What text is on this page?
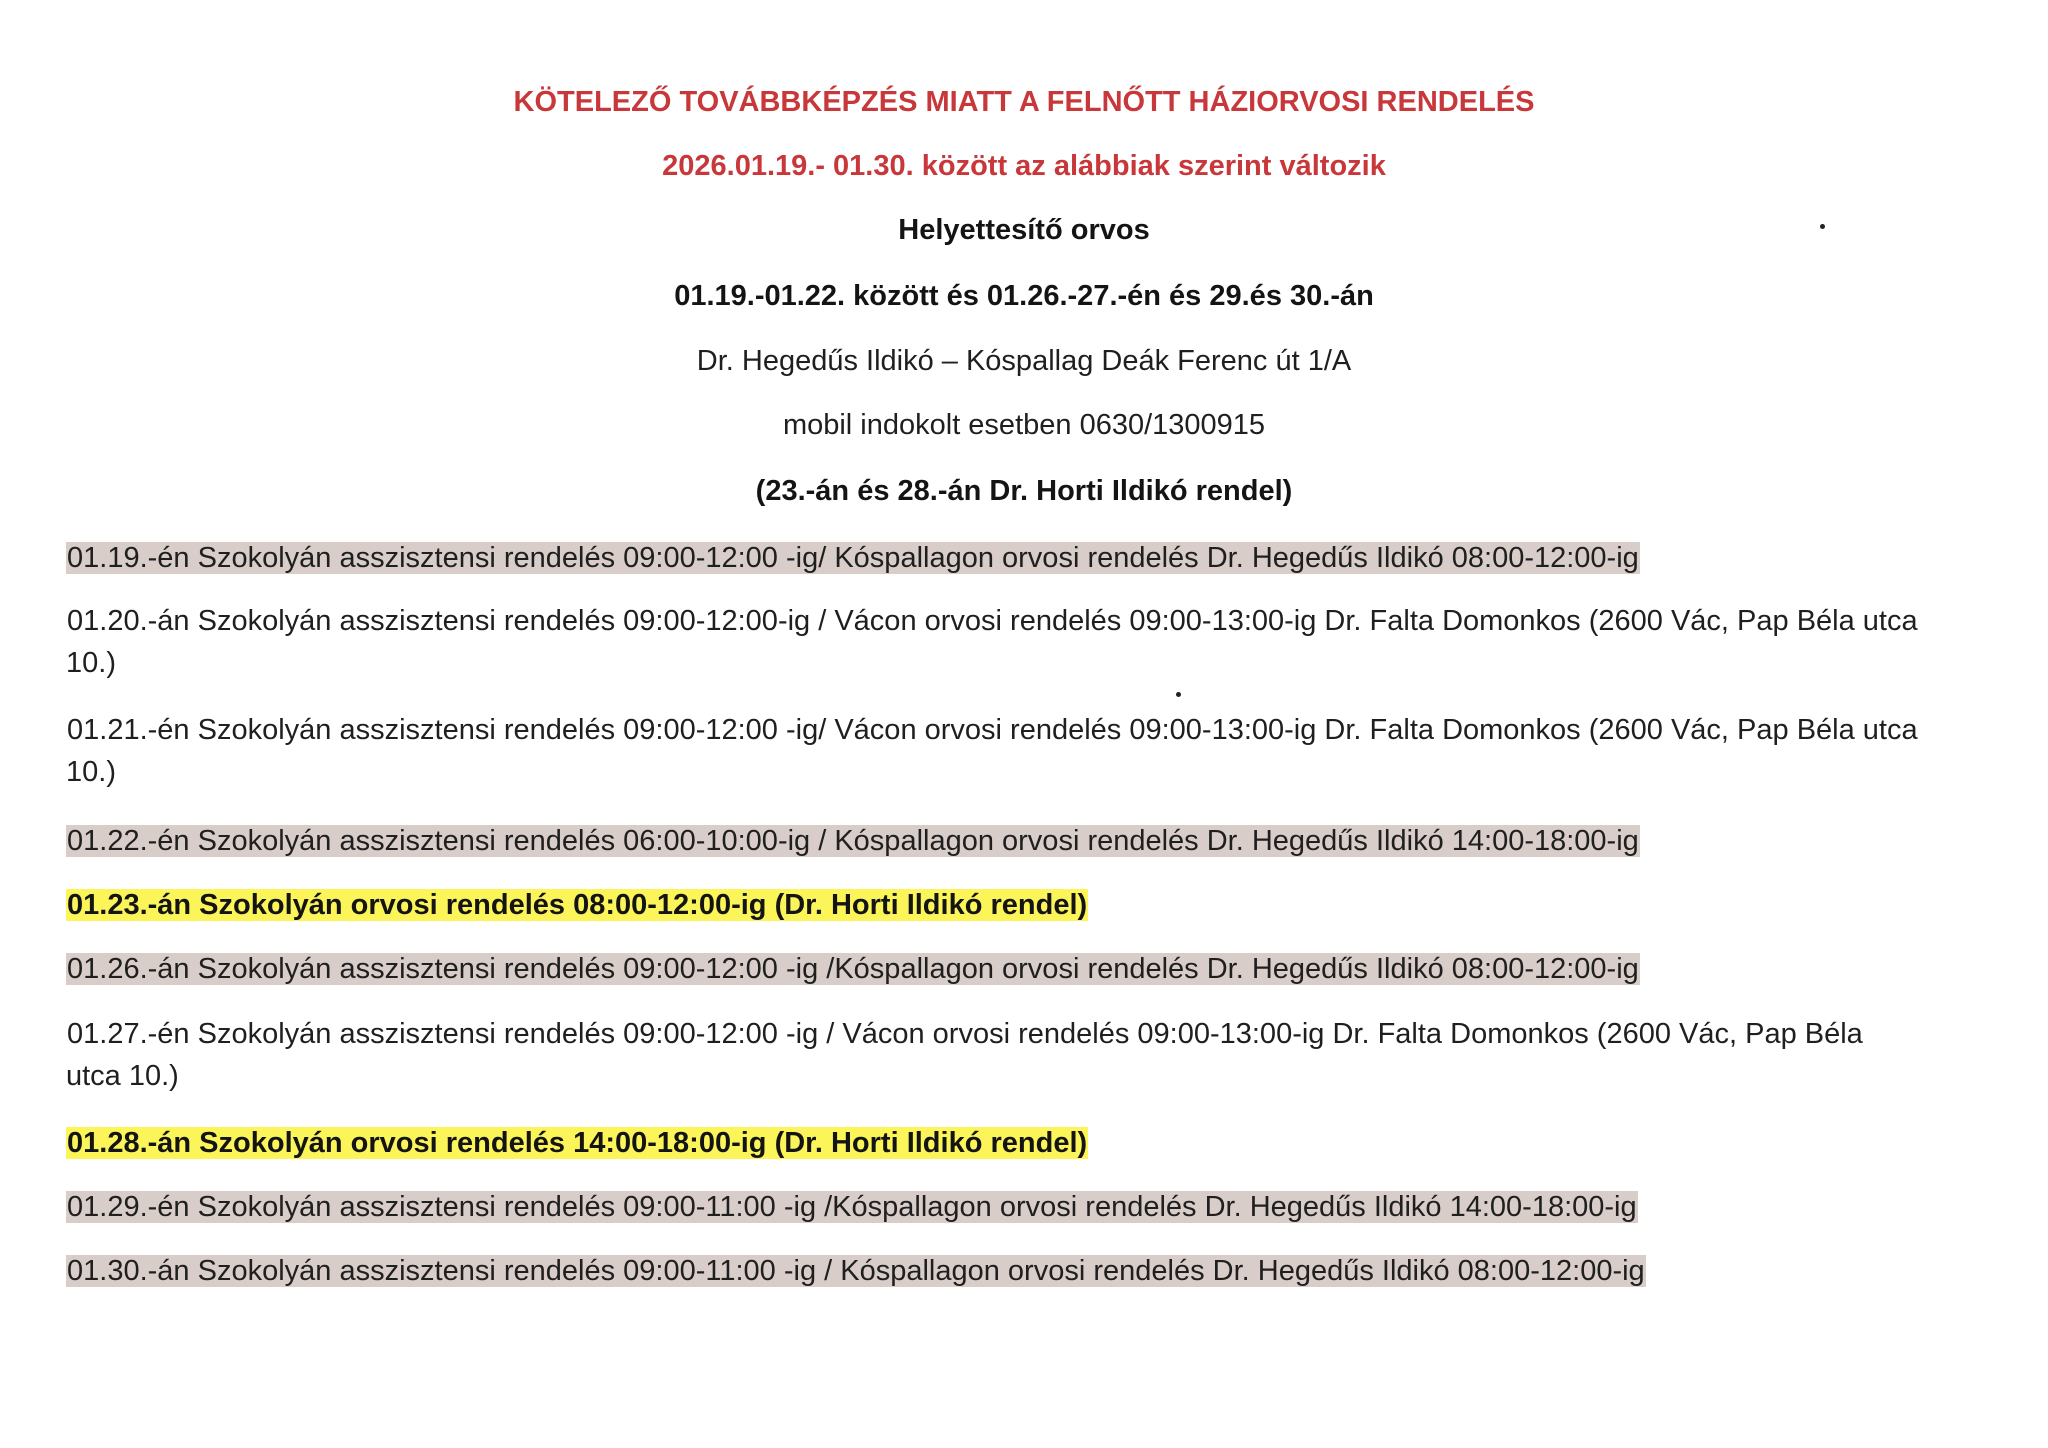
KÖTELEZŐ TOVÁBBKÉPZÉS MIATT A FELNŐTT HÁZIORVOSI RENDELÉS
2026.01.19.- 01.30. között az alábbiak szerint változik
Helyettesítő orvos
01.19.-01.22. között és 01.26.-27.-én és 29.és 30.-án
Dr. Hegedűs Ildikó – Kóspallag Deák Ferenc út 1/A
mobil indokolt esetben 0630/1300915
(23.-án és 28.-án Dr. Horti Ildikó rendel)
01.19.-én Szokolyán asszisztensi rendelés 09:00-12:00 -ig/ Kóspallagon orvosi rendelés Dr. Hegedűs Ildikó 08:00-12:00-ig
01.20.-án Szokolyán asszisztensi rendelés 09:00-12:00-ig / Vácon orvosi rendelés 09:00-13:00-ig Dr. Falta Domonkos (2600 Vác, Pap Béla utca 10.)
01.21.-én Szokolyán asszisztensi rendelés 09:00-12:00 -ig/ Vácon orvosi rendelés 09:00-13:00-ig Dr. Falta Domonkos (2600 Vác, Pap Béla utca 10.)
01.22.-én Szokolyán asszisztensi rendelés 06:00-10:00-ig / Kóspallagon orvosi rendelés Dr. Hegedűs Ildikó 14:00-18:00-ig
01.23.-án Szokolyán orvosi rendelés 08:00-12:00-ig (Dr. Horti Ildikó rendel)
01.26.-án Szokolyán asszisztensi rendelés 09:00-12:00 -ig /Kóspallagon orvosi rendelés Dr. Hegedűs Ildikó 08:00-12:00-ig
01.27.-én Szokolyán asszisztensi rendelés 09:00-12:00 -ig / Vácon orvosi rendelés 09:00-13:00-ig Dr. Falta Domonkos (2600 Vác, Pap Béla utca 10.)
01.28.-án Szokolyán orvosi rendelés 14:00-18:00-ig (Dr. Horti Ildikó rendel)
01.29.-én Szokolyán asszisztensi rendelés 09:00-11:00 -ig /Kóspallagon orvosi rendelés Dr. Hegedűs Ildikó 14:00-18:00-ig
01.30.-án Szokolyán asszisztensi rendelés 09:00-11:00 -ig / Kóspallagon orvosi rendelés Dr. Hegedűs Ildikó 08:00-12:00-ig
